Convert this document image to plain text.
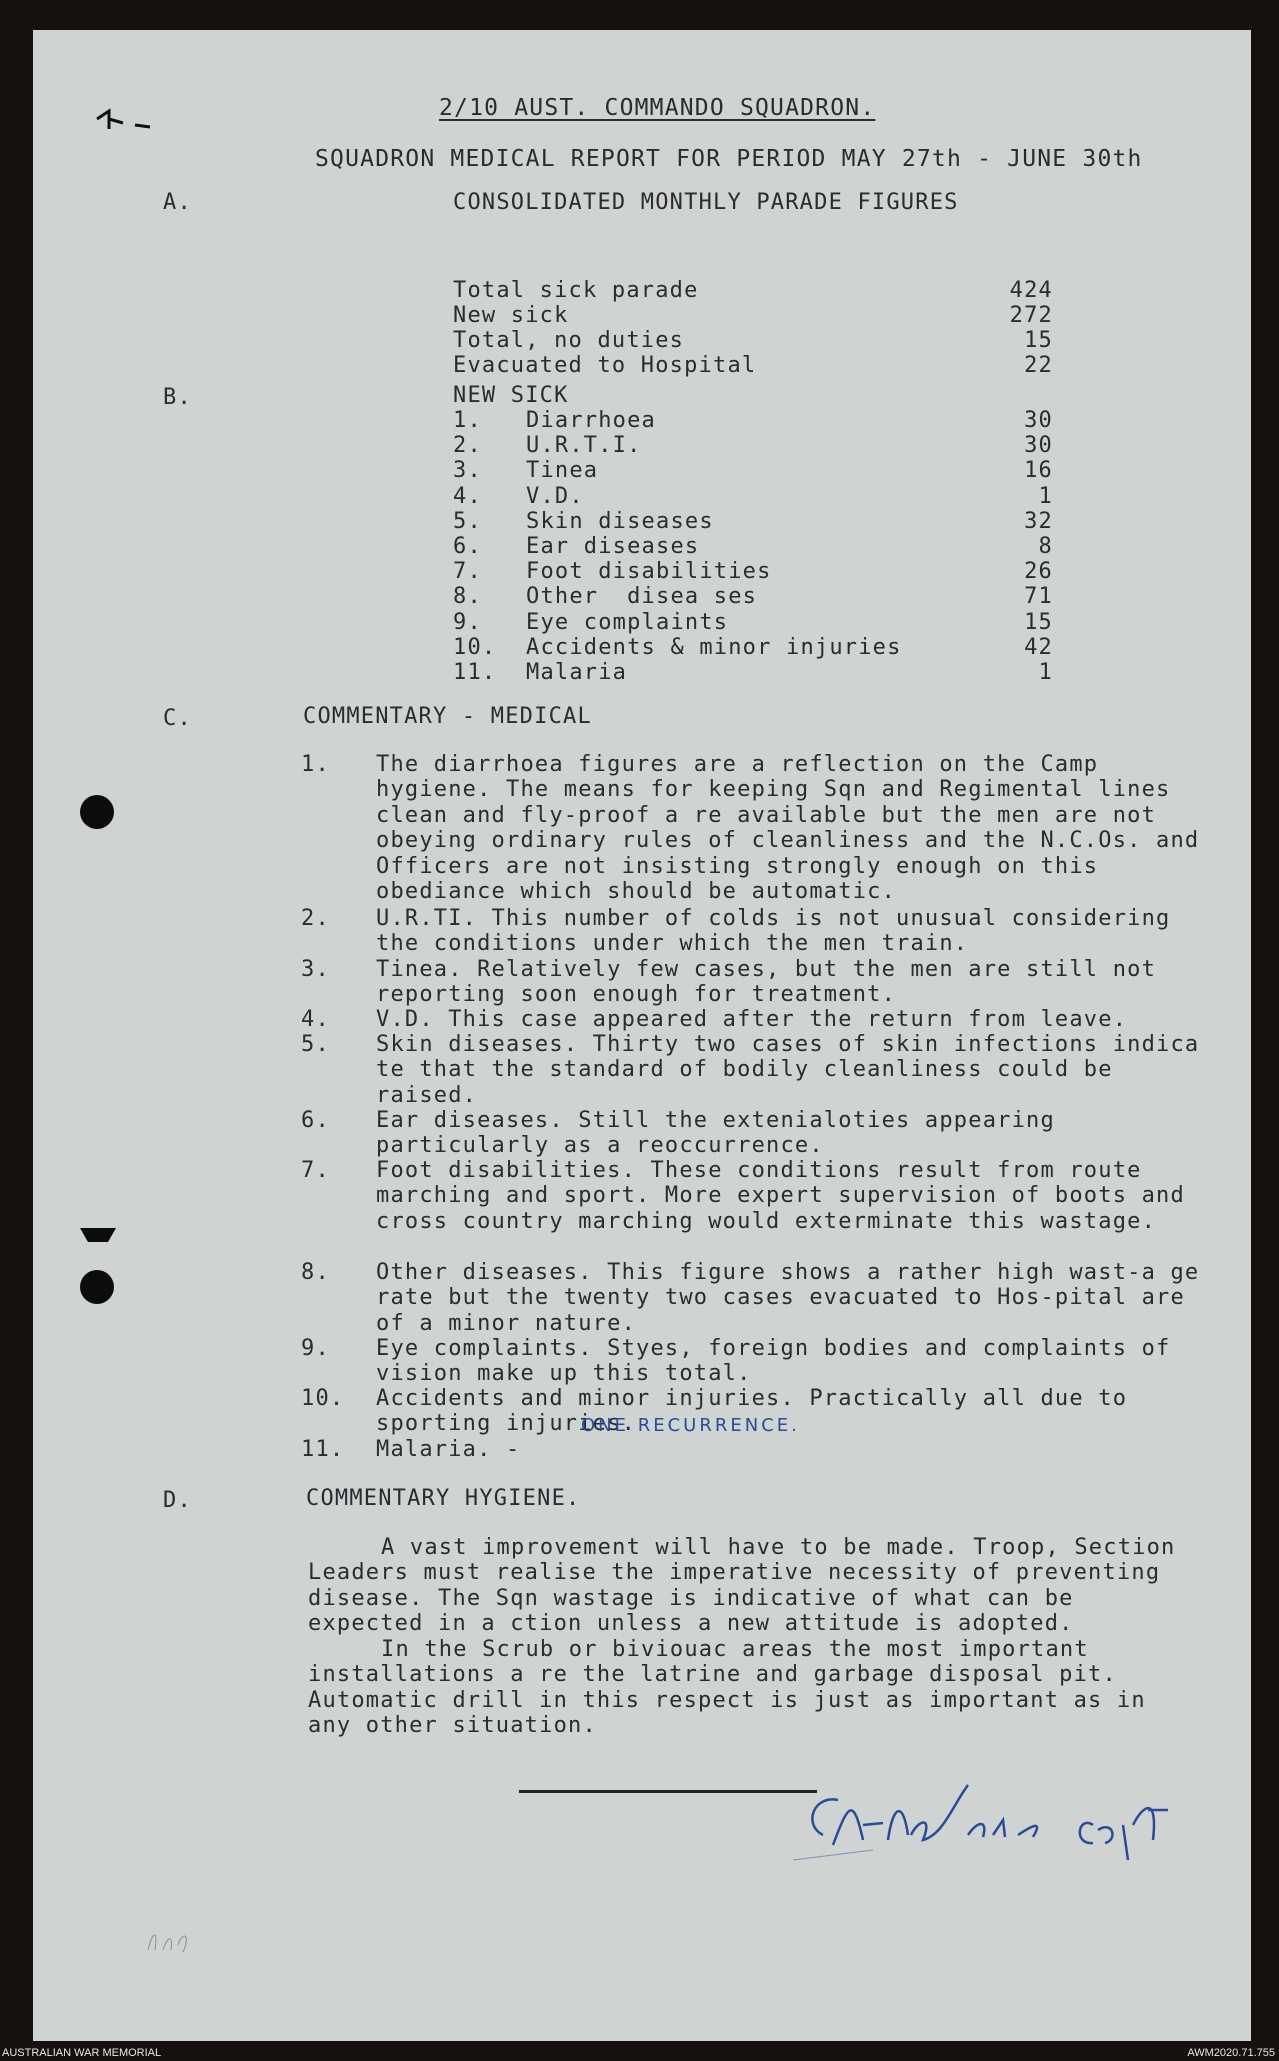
2/10 AUST. COMMANDO SQUADRON.
SQUADRON MEDICAL REPORT FOR PERIOD MAY 27th - JUNE 30th
A.	CONSOLIDATED MONTHLY PARADE FIGURES
Total sick parade	424
New sick	272
Total, no duties	15
Evacuated to Hospital	22
B.	NEW SICK
1. Diarrhoea	30
2. U.R.T.I.	30
3. Tinea	16
4. V.D.	1
5. Skin diseases	32
6. Ear diseases	8
7. Foot disabilities	26
8. Other  disea ses	71
9. Eye complaints	15
10. Accidents & minor injuries	42
11. Malaria	1
C.	COMMENTARY - MEDICAL
1. The diarrhoea figures are a reflection on the Camp hygiene. The means for keeping Sqn and Regimental lines clean and fly-proof a re available but the men are not obeying ordinary rules of cleanliness and the N.C.Os. and Officers are not insisting strongly enough on this obediance which should be automatic.
2. U.R.TI. This number of colds is not unusual considering the conditions under which the men train.
3. Tinea. Relatively few cases, but the men are still not reporting soon enough for treatment.
4. V.D. This case appeared after the return from leave.
5. Skin diseases. Thirty two cases of skin infections indica te that the standard of bodily cleanliness could be raised.
6. Ear diseases. Still the extenialoties appearing particularly as a reoccurrence.
7. Foot disabilities. These conditions result from route marching and sport. More expert supervision of boots and cross country marching would exterminate this wastage.
8. Other diseases. This figure shows a rather high wast-a ge rate but the twenty two cases evacuated to Hos-pital are of a minor nature.
9. Eye complaints. Styes, foreign bodies and complaints of vision make up this total.
10. Accidents and minor injuries. Practically all due to sporting injuries.
11. Malaria. -
ONE RECURRENCE.
D.	COMMENTARY HYGIENE.
A vast improvement will have to be made. Troop, Section Leaders must realise the imperative necessity of preventing disease. The Sqn wastage is indicative of what can be expected in a ction unless a new attitude is adopted.
In the Scrub or biviouac areas the most important installations a re the latrine and garbage disposal pit. Automatic drill in this respect is just as important as in any other situation.
AUSTRALIAN WAR MEMORIAL	AWM2020.71.755
